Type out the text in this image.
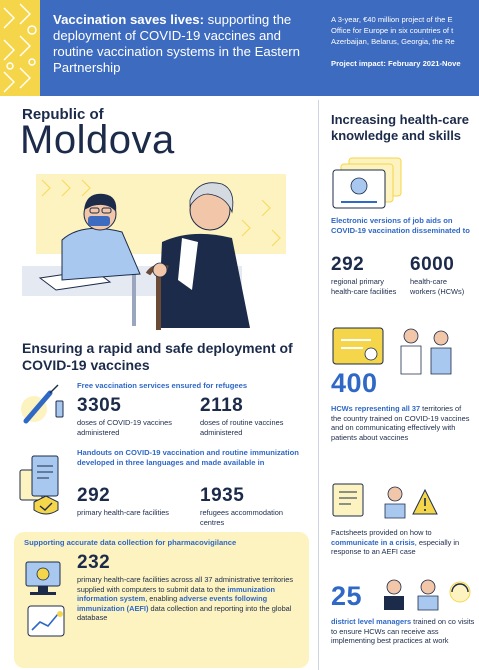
Vaccination saves lives: supporting the deployment of COVID-19 vaccines and routine vaccination systems in the Eastern Partnership
A 3-year, €40 million project of the E
Office for Europe in six countries of t
Azerbaijan, Belarus, Georgia, the Re
Project impact: February 2021-Nove
Republic of
Moldova
Ensuring a rapid and safe deployment of COVID-19 vaccines
Free vaccination services ensured for refugees
3305
doses of COVID-19 vaccines administered
2118
doses of routine vaccines administered
Handouts on COVID-19 vaccination and routine immunization developed in three languages and made available in
292
primary health-care facilities
1935
refugees accommodation centres
Supporting accurate data collection for pharmacovigilance
232
primary health-care facilities across all 37 administrative territories supplied with computers to submit data to the immunization information system, enabling adverse events following immunization (AEFI) data collection and reporting into the global database
Increasing health-care knowledge and skills
Electronic versions of job aids on COVID-19 vaccination disseminated to
292
regional primary health-care facilities
6000
health-care workers (HCWs)
400
HCWs representing all 37 territories of the country trained on COVID-19 vaccines and on communicating effectively with patients about vaccines
Factsheets provided on how to communicate in a crisis, especially in response to an AEFI case
25
district level managers trained on co visits to ensure HCWs can receive ass implementing best practices at work
